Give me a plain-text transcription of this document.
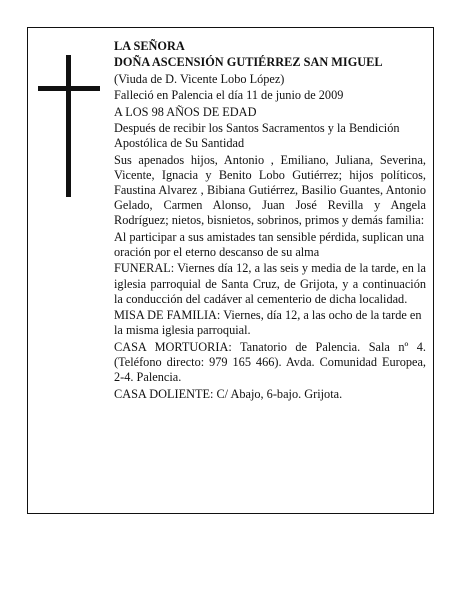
LA SEÑORA

DOÑA ASCENSIÓN GUTIÉRREZ SAN MIGUEL

(Viuda de D. Vicente Lobo López)

Falleció en Palencia el día 11 de junio de 2009

A LOS 98 AÑOS DE EDAD

Después de recibir los Santos Sacramentos y la Bendición Apostólica de Su Santidad

Sus apenados hijos, Antonio , Emiliano, Juliana, Severina, Vicente, Ignacia y Benito Lobo Gutiérrez; hijos políticos, Faustina Alvarez , Bibiana Gutiérrez, Basilio Guantes, Antonio Gelado, Carmen Alonso, Juan José Revilla y Angela Rodríguez; nietos, bisnietos, sobrinos, primos y demás familia:

Al participar a sus amistades tan sensible pérdida, suplican una oración por el eterno descanso de su alma

FUNERAL: Viernes día 12, a las seis y media de la tarde, en la iglesia parroquial de Santa Cruz, de Grijota, y a continuación la conducción del cadáver al cementerio de dicha localidad.

MISA DE FAMILIA: Viernes, día 12, a las ocho de la tarde en la misma iglesia parroquial.

CASA MORTUORIA: Tanatorio de Palencia. Sala nº 4. (Teléfono directo: 979 165 466). Avda. Comunidad Europea, 2-4. Palencia.

CASA DOLIENTE: C/ Abajo, 6-bajo. Grijota.
